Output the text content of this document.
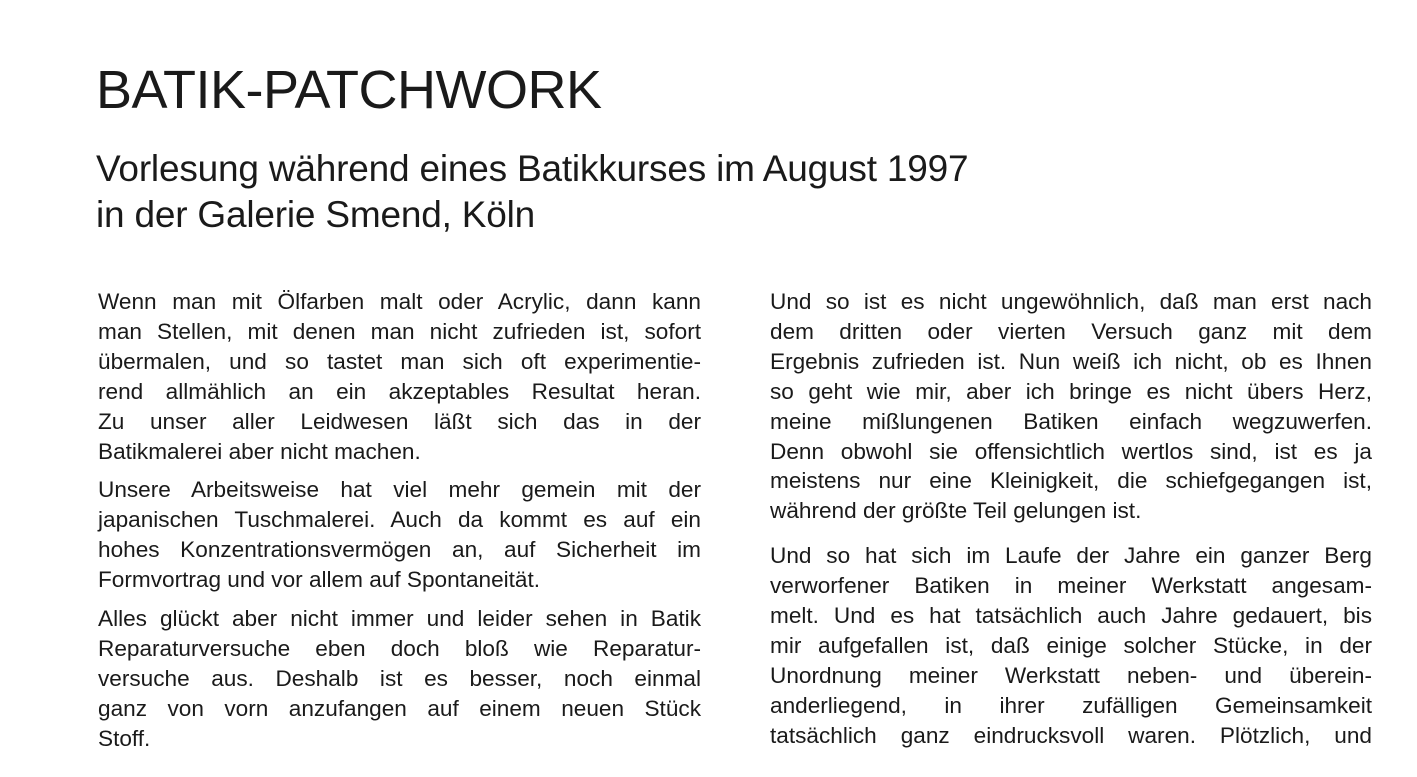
BATIK-PATCHWORK
Vorlesung während eines Batikkurses im August 1997
in der Galerie Smend, Köln

Wenn man mit Ölfarben malt oder Acrylic, dann kann
man Stellen, mit denen man nicht zufrieden ist, sofort
übermalen, und so tastet man sich oft experimentie-
rend allmählich an ein akzeptables Resultat heran.
Zu unser aller Leidwesen läßt sich das in der
Batikmalerei aber nicht machen.

Unsere Arbeitsweise hat viel mehr gemein mit der
japanischen Tuschmalerei. Auch da kommt es auf ein
hohes Konzentrationsvermögen an, auf Sicherheit im
Formvortrag und vor allem auf Spontaneität.

Alles glückt aber nicht immer und leider sehen in Batik
Reparaturversuche eben doch bloß wie Reparatur-
versuche aus. Deshalb ist es besser, noch einmal
ganz von vorn anzufangen auf einem neuen Stück
Stoff.

Und so ist es nicht ungewöhnlich, daß man erst nach
dem dritten oder vierten Versuch ganz mit dem
Ergebnis zufrieden ist. Nun weiß ich nicht, ob es Ihnen
so geht wie mir, aber ich bringe es nicht übers Herz,
meine mißlungenen Batiken einfach wegzuwerfen.
Denn obwohl sie offensichtlich wertlos sind, ist es ja
meistens nur eine Kleinigkeit, die schiefgegangen ist,
während der größte Teil gelungen ist.

Und so hat sich im Laufe der Jahre ein ganzer Berg
verworfener Batiken in meiner Werkstatt angesam-
melt. Und es hat tatsächlich auch Jahre gedauert, bis
mir aufgefallen ist, daß einige solcher Stücke, in der
Unordnung meiner Werkstatt neben- und überein-
anderliegend, in ihrer zufälligen Gemeinsamkeit
tatsächlich ganz eindrucksvoll waren. Plötzlich, und
